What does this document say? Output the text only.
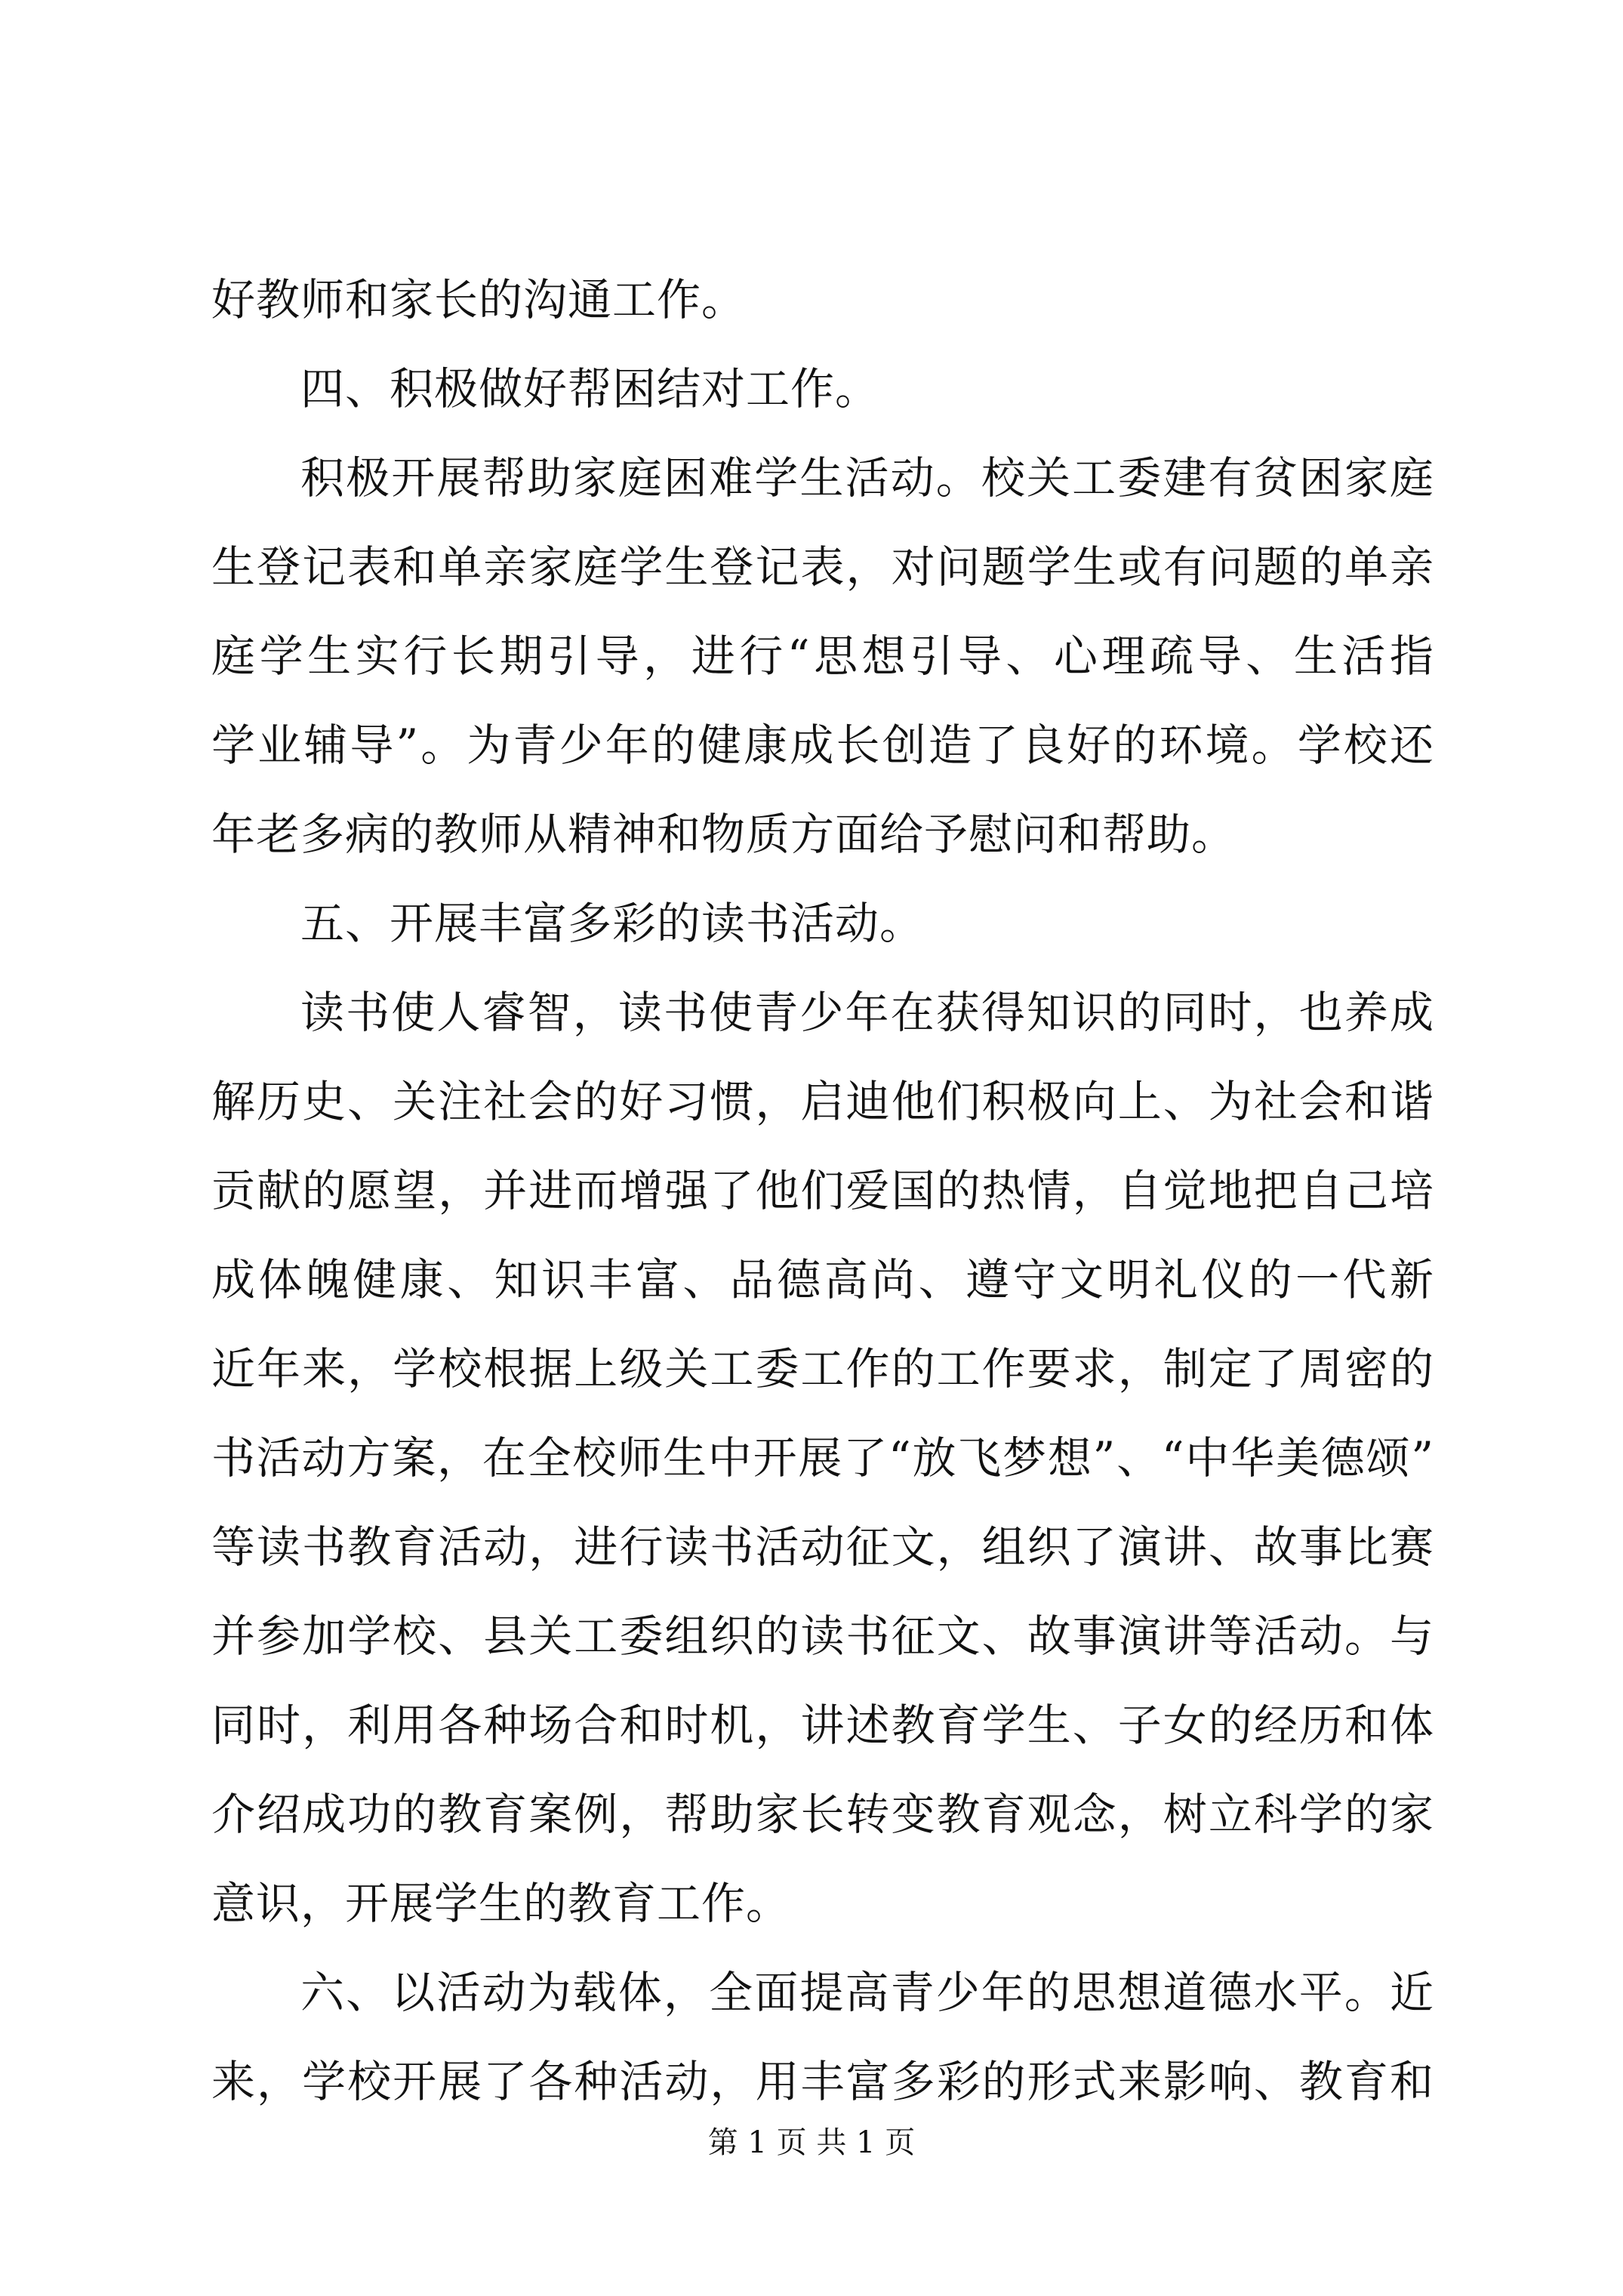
好教师和家长的沟通工作。
四、积极做好帮困结对工作。
积极开展帮助家庭困难学生活动。校关工委建有贫困家庭
生登记表和单亲家庭学生登记表，对问题学生或有问题的单亲
庭学生实行长期引导，进行“思想引导、心理疏导、生活指
学业辅导”。为青少年的健康成长创造了良好的环境。学校还
年老多病的教师从精神和物质方面给予慰问和帮助。
五、开展丰富多彩的读书活动。
读书使人睿智，读书使青少年在获得知识的同时，也养成
解历史、关注社会的好习惯，启迪他们积极向上、为社会和谐
贡献的愿望，并进而增强了他们爱国的热情，自觉地把自己培
成体魄健康、知识丰富、品德高尚、遵守文明礼仪的一代新
近年来，学校根据上级关工委工作的工作要求，制定了周密的
书活动方案，在全校师生中开展了“放飞梦想”、“中华美德颂”
等读书教育活动，进行读书活动征文，组织了演讲、故事比赛
并参加学校、县关工委组织的读书征文、故事演讲等活动。与
同时，利用各种场合和时机，讲述教育学生、子女的经历和体
介绍成功的教育案例，帮助家长转变教育观念，树立科学的家
意识，开展学生的教育工作。
六、以活动为载体，全面提高青少年的思想道德水平。近
来，学校开展了各种活动，用丰富多彩的形式来影响、教育和
第 1 页 共 1 页
